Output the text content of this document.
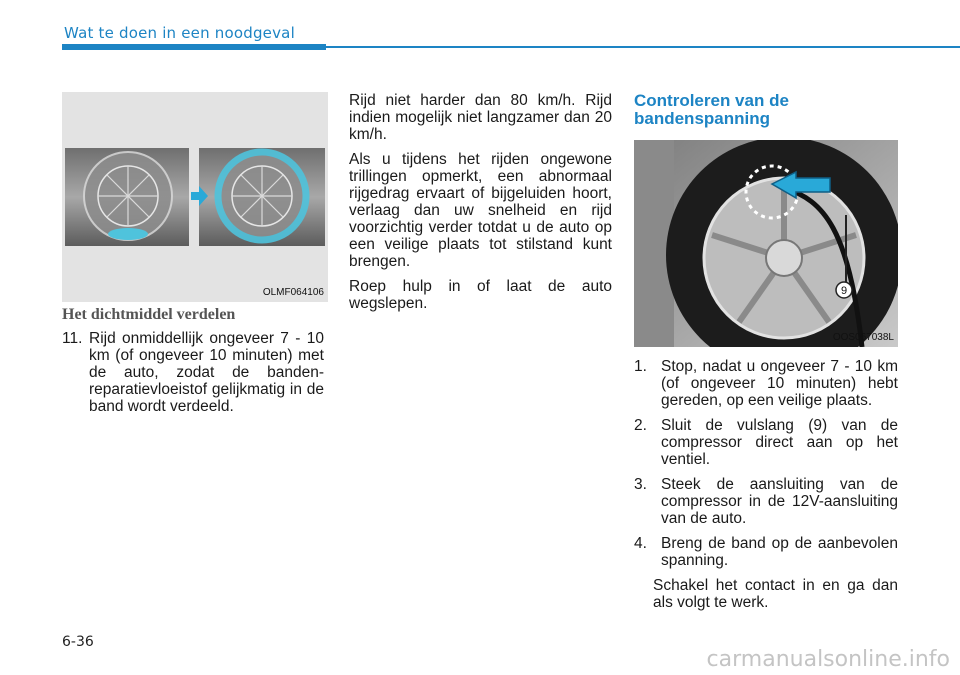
Wat te doen in een noodgeval
OLMF064106
Het dichtmiddel verdelen

11. Rijd onmiddellijk ongeveer 7 - 10 km (of ongeveer 10 minuten) met de auto, zodat de banden-reparatievloeistof gelijkmatig in de band wordt verdeeld.

Rijd niet harder dan 80 km/h. Rijd indien mogelijk niet langzamer dan 20 km/h.

Als u tijdens het rijden ongewone trillingen opmerkt, een abnormaal rijgedrag ervaart of bijgeluiden hoort, verlaag dan uw snelheid en rijd voorzichtig verder totdat u de auto op een veilige plaats tot stilstand kunt brengen.

Roep hulp in of laat de auto wegslepen.

Controleren van de bandenspanning
9
OOS067038L

1. Stop, nadat u ongeveer 7 - 10 km (of ongeveer 10 minuten) hebt gereden, op een veilige plaats.

2. Sluit de vulslang (9) van de compressor direct aan op het ventiel.

3. Steek de aansluiting van de compressor in de 12V-aansluiting van de auto.

4. Breng de band op de aanbevolen spanning.

Schakel het contact in en ga dan als volgt te werk.

6-36
carmanualsonline.info
